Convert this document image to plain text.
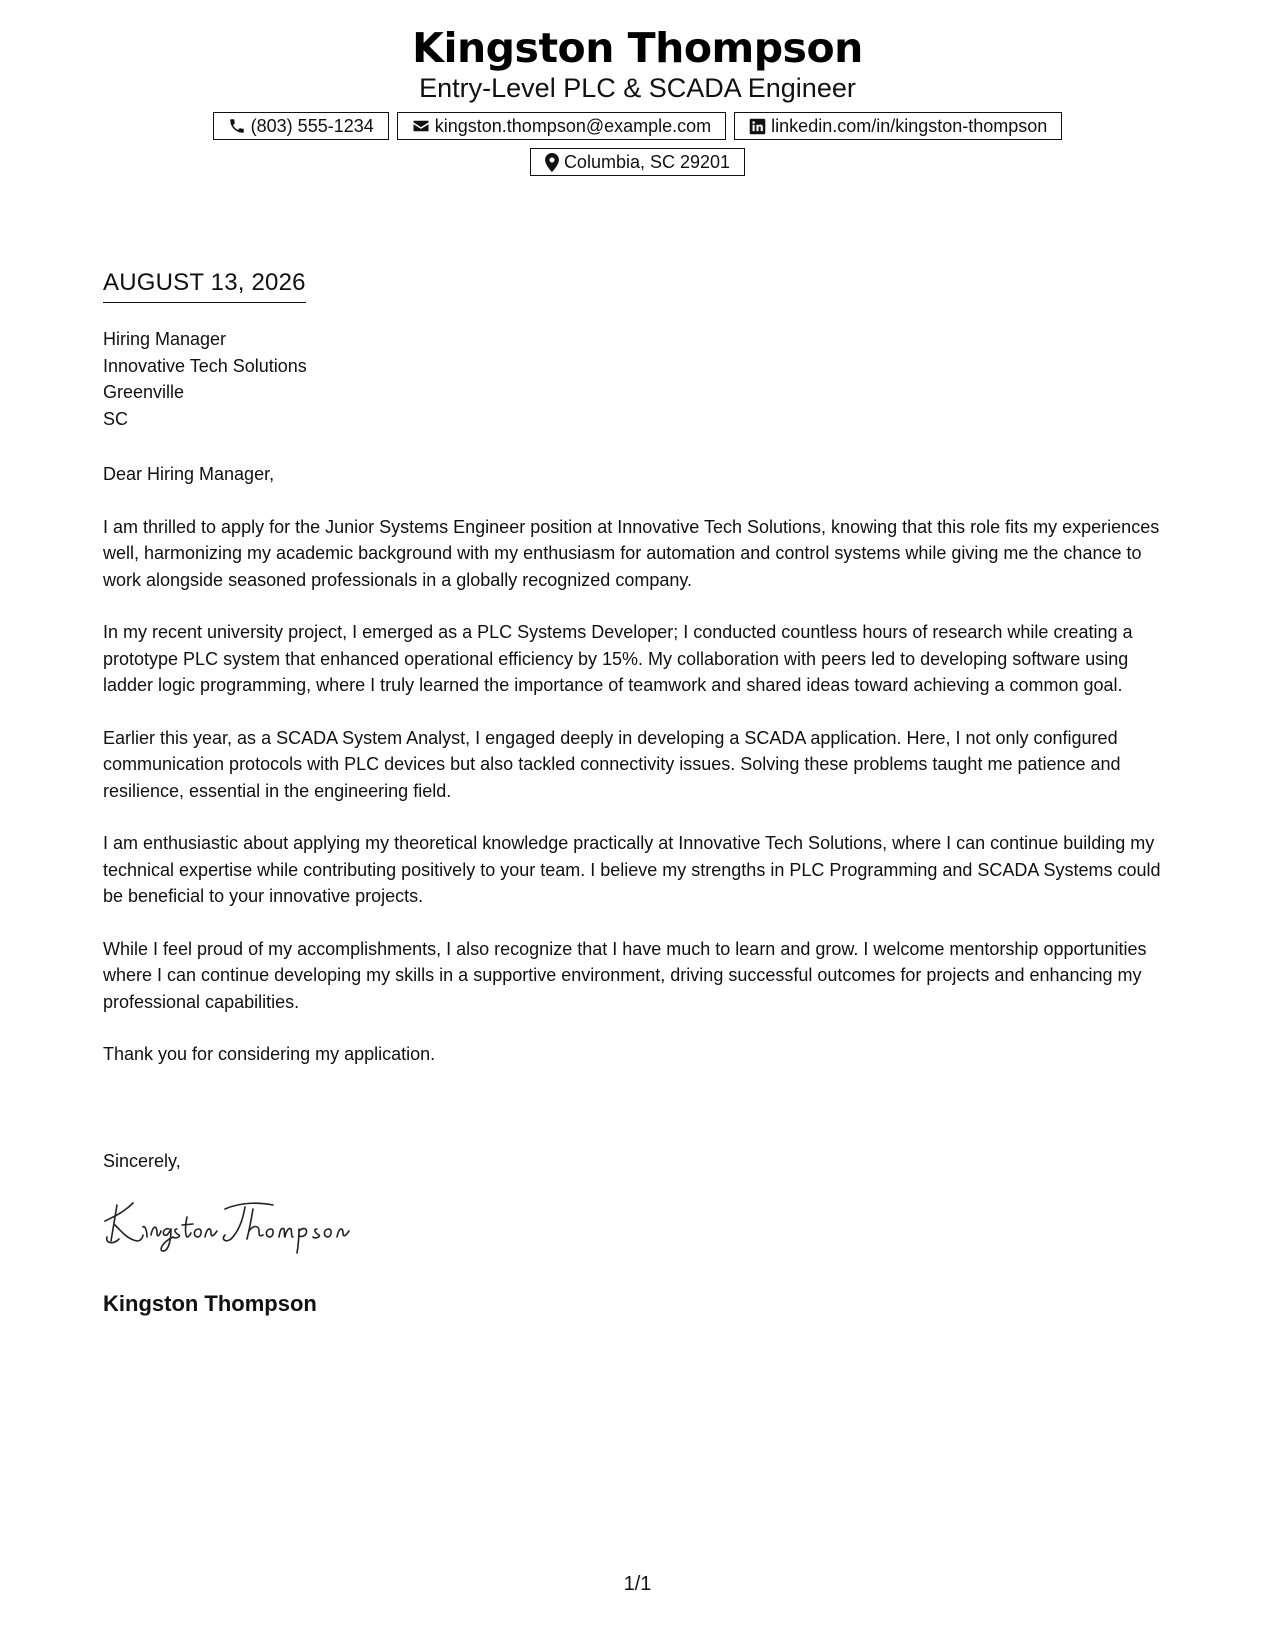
Kingston Thompson
Entry-Level PLC & SCADA Engineer
(803) 555-1234	kingston.thompson@example.com	linkedin.com/in/kingston-thompson
Columbia, SC 29201
AUGUST 13, 2026
Hiring Manager
Innovative Tech Solutions
Greenville
SC

Dear Hiring Manager,

I am thrilled to apply for the Junior Systems Engineer position at Innovative Tech Solutions, knowing that this role fits my experiences well, harmonizing my academic background with my enthusiasm for automation and control systems while giving me the chance to work alongside seasoned professionals in a globally recognized company.

In my recent university project, I emerged as a PLC Systems Developer; I conducted countless hours of research while creating a prototype PLC system that enhanced operational efficiency by 15%. My collaboration with peers led to developing software using ladder logic programming, where I truly learned the importance of teamwork and shared ideas toward achieving a common goal.

Earlier this year, as a SCADA System Analyst, I engaged deeply in developing a SCADA application. Here, I not only configured communication protocols with PLC devices but also tackled connectivity issues. Solving these problems taught me patience and resilience, essential in the engineering field.

I am enthusiastic about applying my theoretical knowledge practically at Innovative Tech Solutions, where I can continue building my technical expertise while contributing positively to your team. I believe my strengths in PLC Programming and SCADA Systems could be beneficial to your innovative projects.

While I feel proud of my accomplishments, I also recognize that I have much to learn and grow. I welcome mentorship opportunities where I can continue developing my skills in a supportive environment, driving successful outcomes for projects and enhancing my professional capabilities.

Thank you for considering my application.

Sincerely,
Kingston Thompson
1/1
